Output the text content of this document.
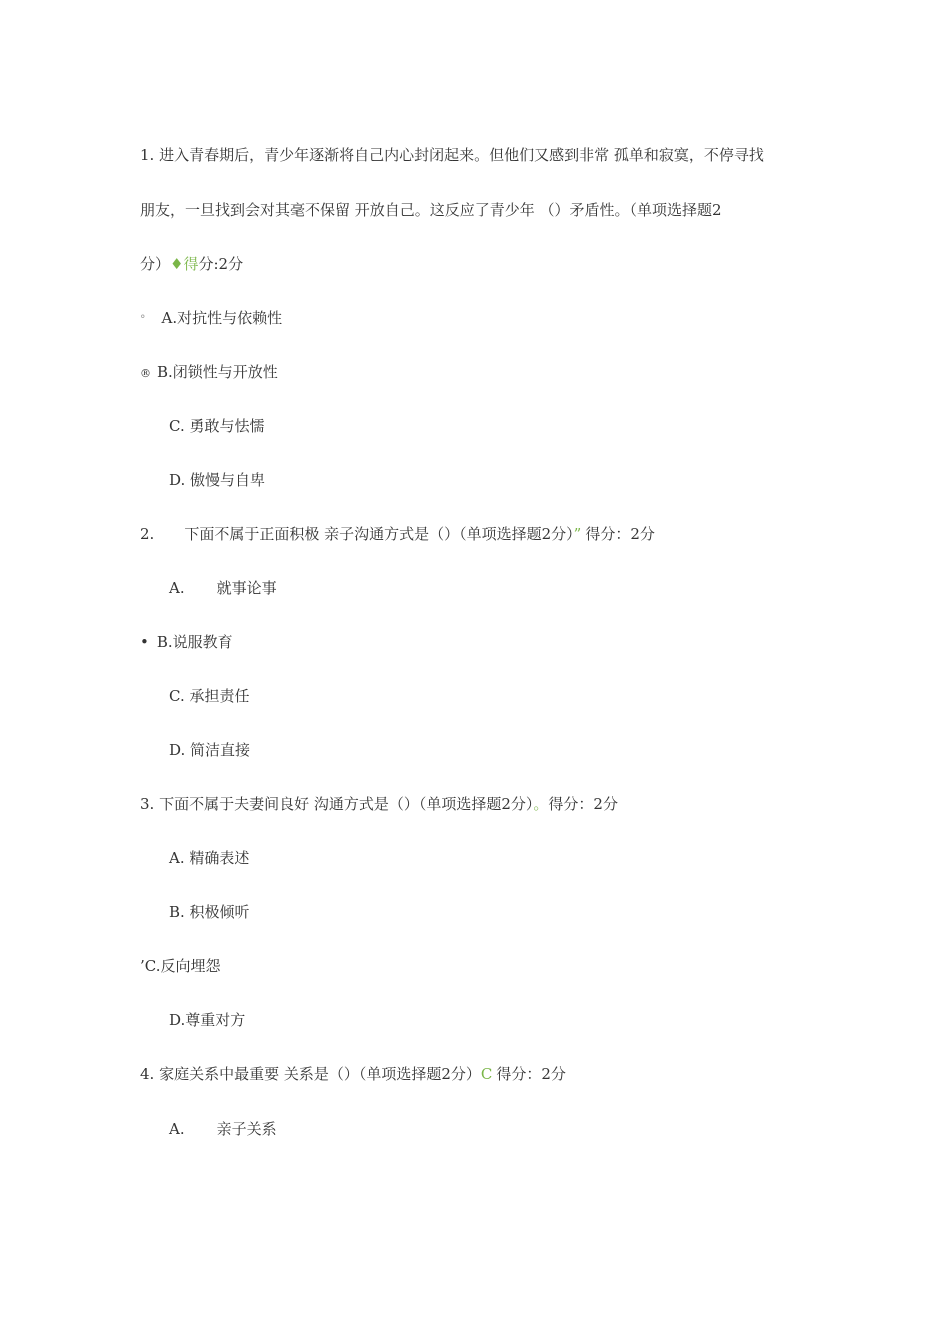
1. 进入青春期后，青少年逐渐将自己内心封闭起来。但他们又感到非常 孤单和寂寞，不停寻找
朋友，一旦找到会对其毫不保留 开放自己。这反应了青少年 （）矛盾性。（单项选择题2
分）♦得分:2分
° A.对抗性与依赖性
® B.闭锁性与开放性
C. 勇敢与怯懦
D. 傲慢与自卑
2. 下面不属于正面积极 亲子沟通方式是（）（单项选择题2分）” 得分：2分
A. 就事论事
• B.说服教育
C. 承担责任
D. 简洁直接
3. 下面不属于夫妻间良好 沟通方式是（）（单项选择题2分）。得分：2分
A. 精确表述
B. 积极倾听
’C.反向埋怨
D.尊重对方
4. 家庭关系中最重要 关系是（）（单项选择题2分）C 得分：2分
A. 亲子关系
